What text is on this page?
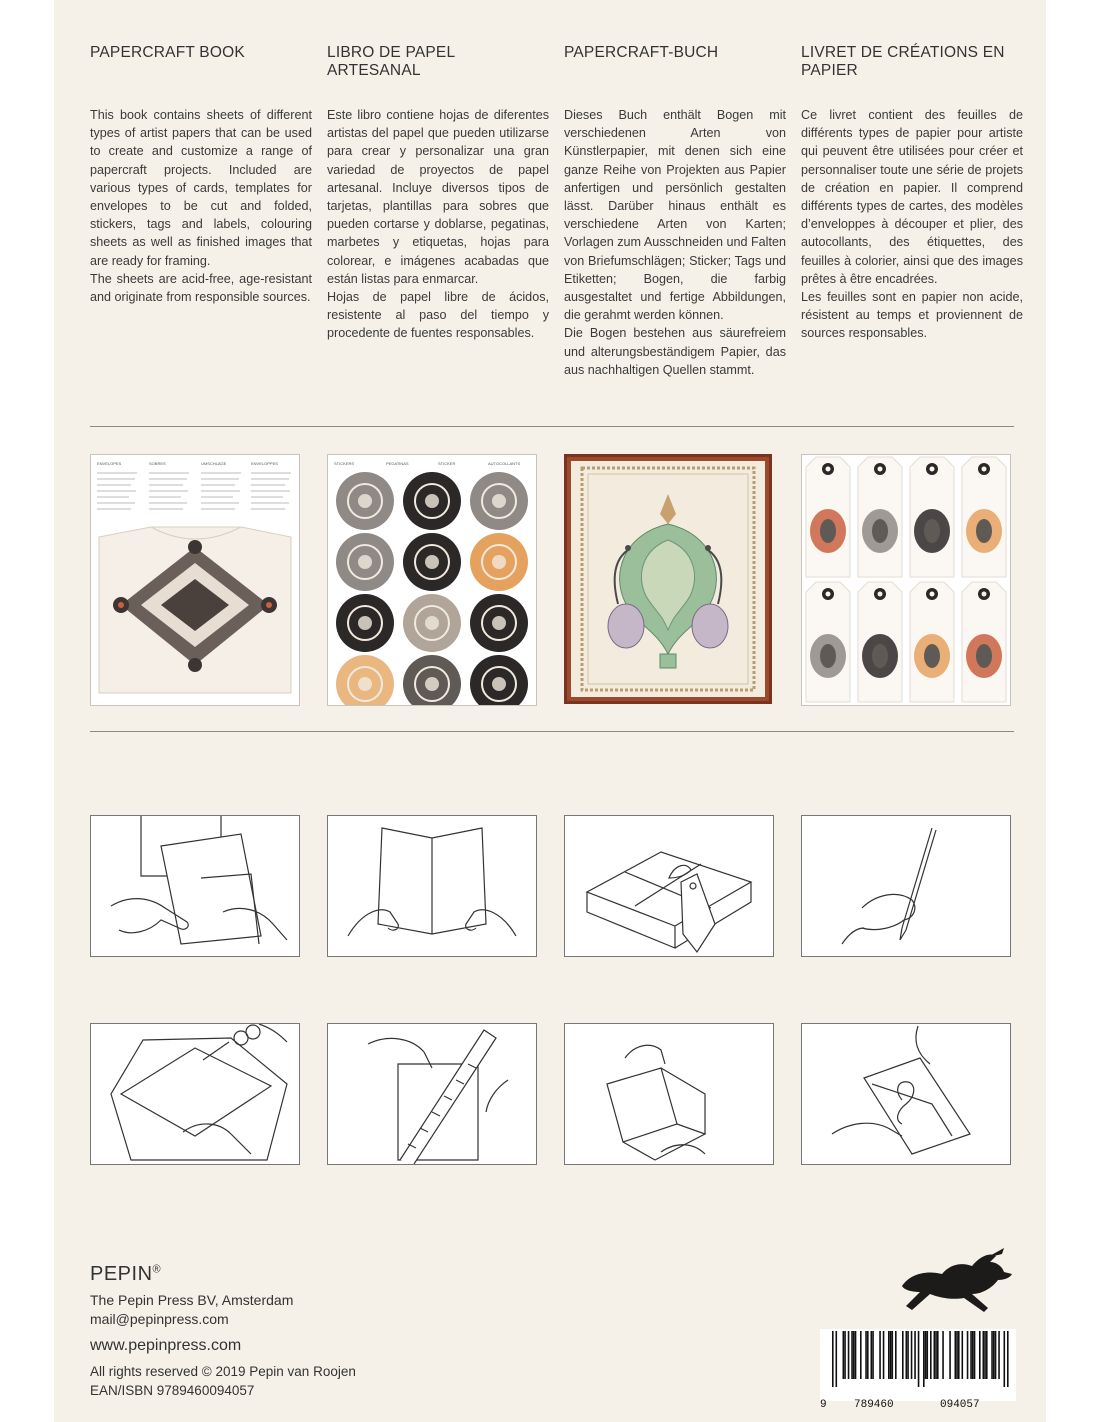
PAPERCRAFT BOOK

This book contains sheets of different types of artist papers that can be used to create and customize a range of papercraft projects. Included are various types of cards, templates for envelopes to be cut and folded, stickers, tags and labels, colouring sheets as well as finished images that are ready for framing.

The sheets are acid-free, age-resistant and originate from responsible sources.

LIBRO DE PAPEL ARTESANAL

Este libro contiene hojas de diferentes artistas del papel que pueden utilizarse para crear y personalizar una gran variedad de proyectos de papel artesanal. Incluye diversos tipos de tarjetas, plantillas para sobres que pueden cortarse y doblarse, pegatinas, marbetes y etiquetas, hojas para colorear, e imágenes acabadas que están listas para enmarcar.

Hojas de papel libre de ácidos, resistente al paso del tiempo y procedente de fuentes responsables.

PAPERCRAFT-BUCH

Dieses Buch enthält Bogen mit verschiedenen Arten von Künstlerpapier, mit denen sich eine ganze Reihe von Projekten aus Papier anfertigen und persönlich gestalten lässt. Darüber hinaus enthält es verschiedene Arten von Karten; Vorlagen zum Ausschneiden und Falten von Briefumschlägen; Sticker; Tags und Etiketten; Bogen, die farbig ausgestaltet und fertige Abbildungen, die gerahmt werden können.

Die Bogen bestehen aus säurefreiem und alterungsbeständigem Papier, das aus nachhaltigen Quellen stammt.

LIVRET DE CRÉATIONS EN PAPIER

Ce livret contient des feuilles de différents types de papier pour artiste qui peuvent être utilisées pour créer et personnaliser toute une série de projets de création en papier. Il comprend différents types de cartes, des modèles d’enveloppes à découper et plier, des autocollants, des étiquettes, des feuilles à colorier, ainsi que des images prêtes à être encadrées.

Les feuilles sont en papier non acide, résistent au temps et proviennent de sources responsables.

ENVELOPES	SOBRES	UMSCHLÄGE	ENVELOPPES	STICKERS	PEGATINAS	STICKER	AUTOCOLLANTS
PEPIN®
The Pepin Press BV, Amsterdam
mail@pepinpress.com
www.pepinpress.com
All rights reserved © 2019 Pepin van Roojen
EAN/ISBN 9789460094057
9 789460	094057
